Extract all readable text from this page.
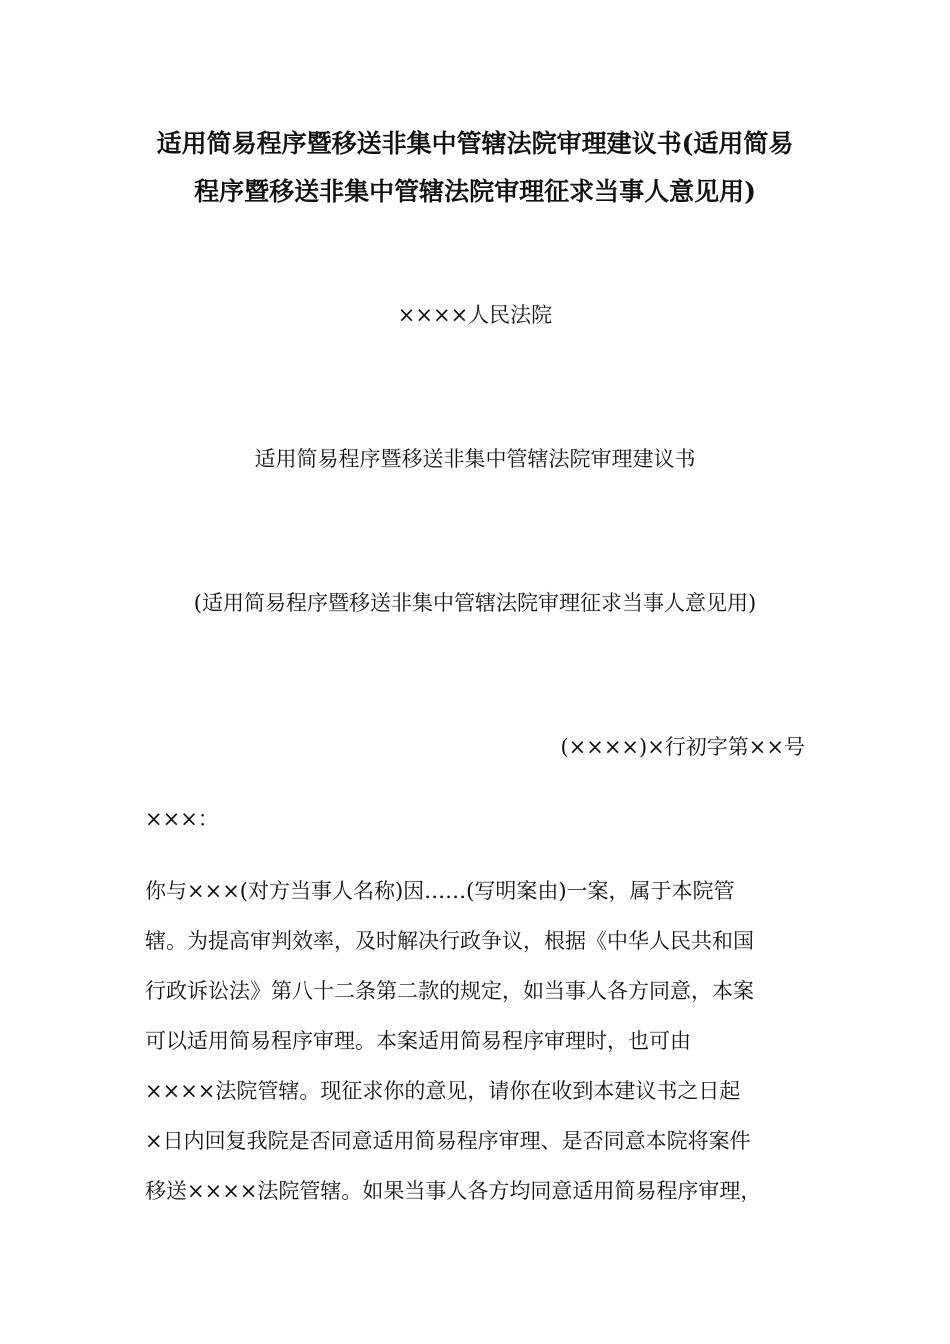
适用简易程序暨移送非集中管辖法院审理建议书(适用简易
程序暨移送非集中管辖法院审理征求当事人意见用)
××××人民法院
适用简易程序暨移送非集中管辖法院审理建议书
(适用简易程序暨移送非集中管辖法院审理征求当事人意见用)
(××××)×行初字第××号
×××：
你与×××(对方当事人名称)因……(写明案由)一案，属于本院管
辖。为提高审判效率，及时解决行政争议，根据《中华人民共和国
行政诉讼法》第八十二条第二款的规定，如当事人各方同意，本案
可以适用简易程序审理。本案适用简易程序审理时，也可由
××××法院管辖。现征求你的意见，请你在收到本建议书之日起
×日内回复我院是否同意适用简易程序审理、是否同意本院将案件
移送××××法院管辖。如果当事人各方均同意适用简易程序审理，
